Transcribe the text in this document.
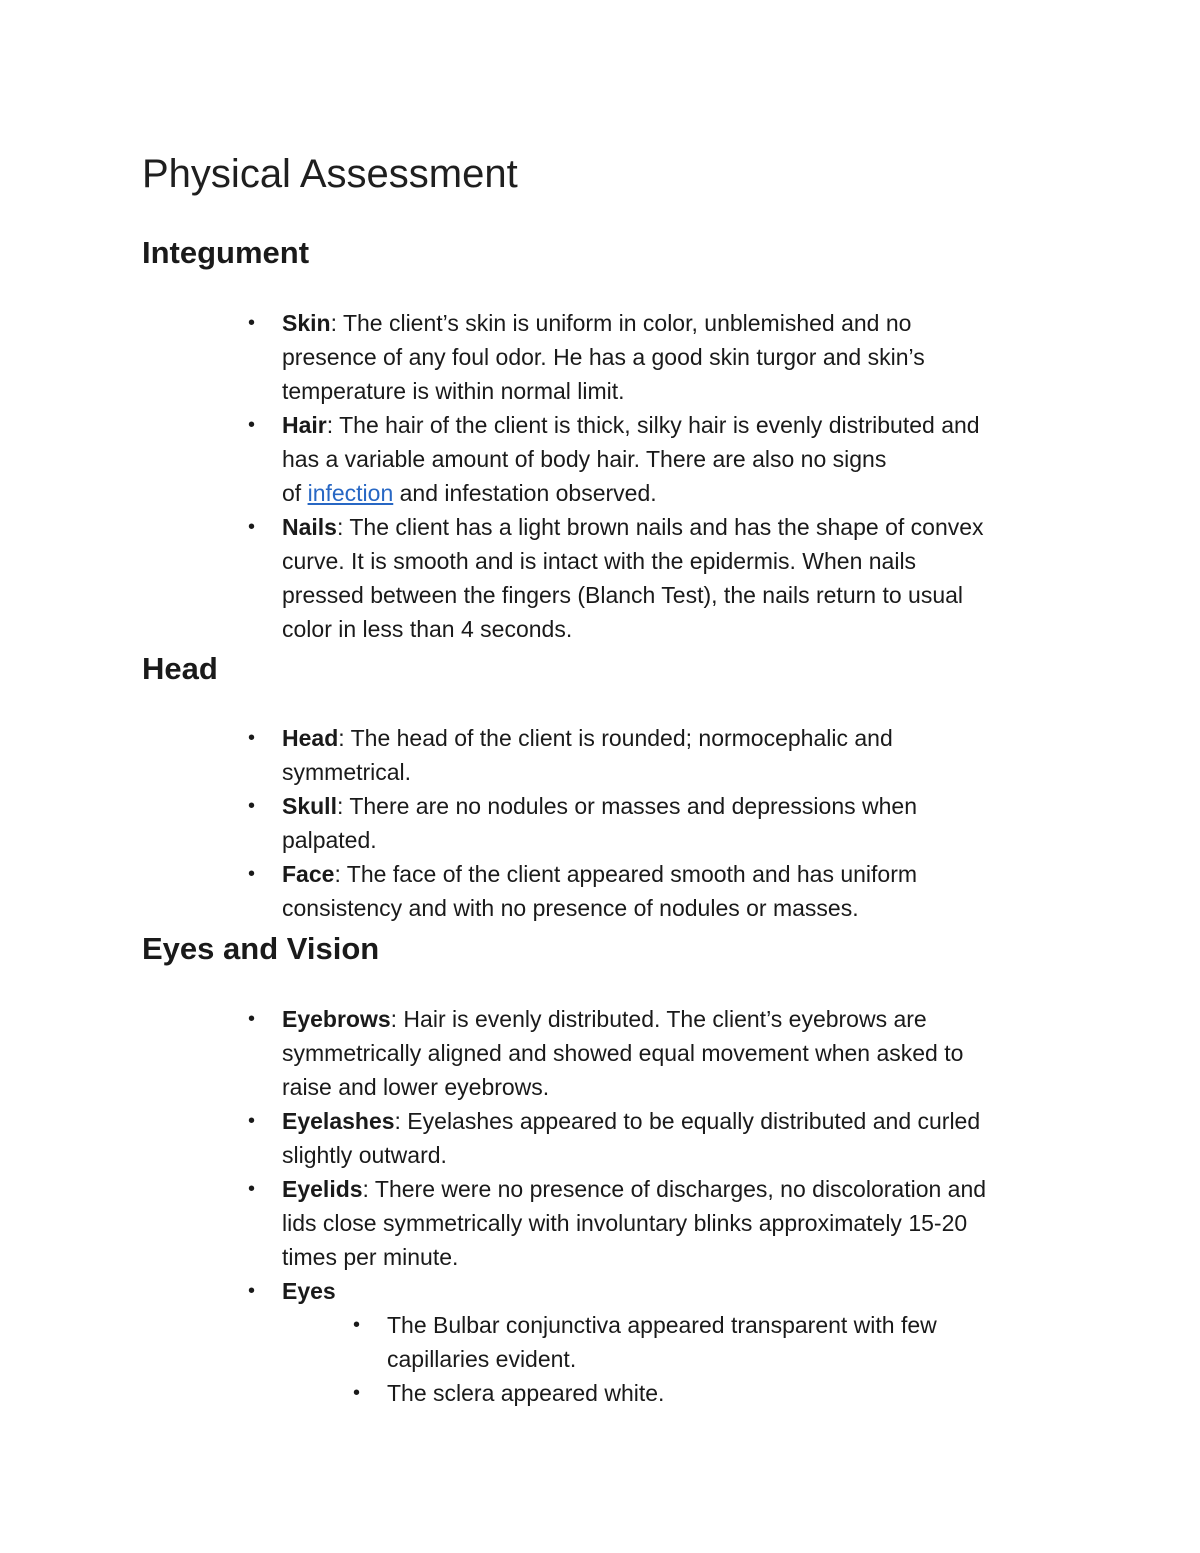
Physical Assessment
Integument
• Skin: The client’s skin is uniform in color, unblemished and no
presence of any foul odor. He has a good skin turgor and skin’s
temperature is within normal limit.
• Hair: The hair of the client is thick, silky hair is evenly distributed and
has a variable amount of body hair. There are also no signs
of infection and infestation observed.
• Nails: The client has a light brown nails and has the shape of convex
curve. It is smooth and is intact with the epidermis. When nails
pressed between the fingers (Blanch Test), the nails return to usual
color in less than 4 seconds.
Head
• Head: The head of the client is rounded; normocephalic and
symmetrical.
• Skull: There are no nodules or masses and depressions when
palpated.
• Face: The face of the client appeared smooth and has uniform
consistency and with no presence of nodules or masses.
Eyes and Vision
• Eyebrows: Hair is evenly distributed. The client’s eyebrows are
symmetrically aligned and showed equal movement when asked to
raise and lower eyebrows.
• Eyelashes: Eyelashes appeared to be equally distributed and curled
slightly outward.
• Eyelids: There were no presence of discharges, no discoloration and
lids close symmetrically with involuntary blinks approximately 15-20
times per minute.
• Eyes
• The Bulbar conjunctiva appeared transparent with few
capillaries evident.
• The sclera appeared white.
